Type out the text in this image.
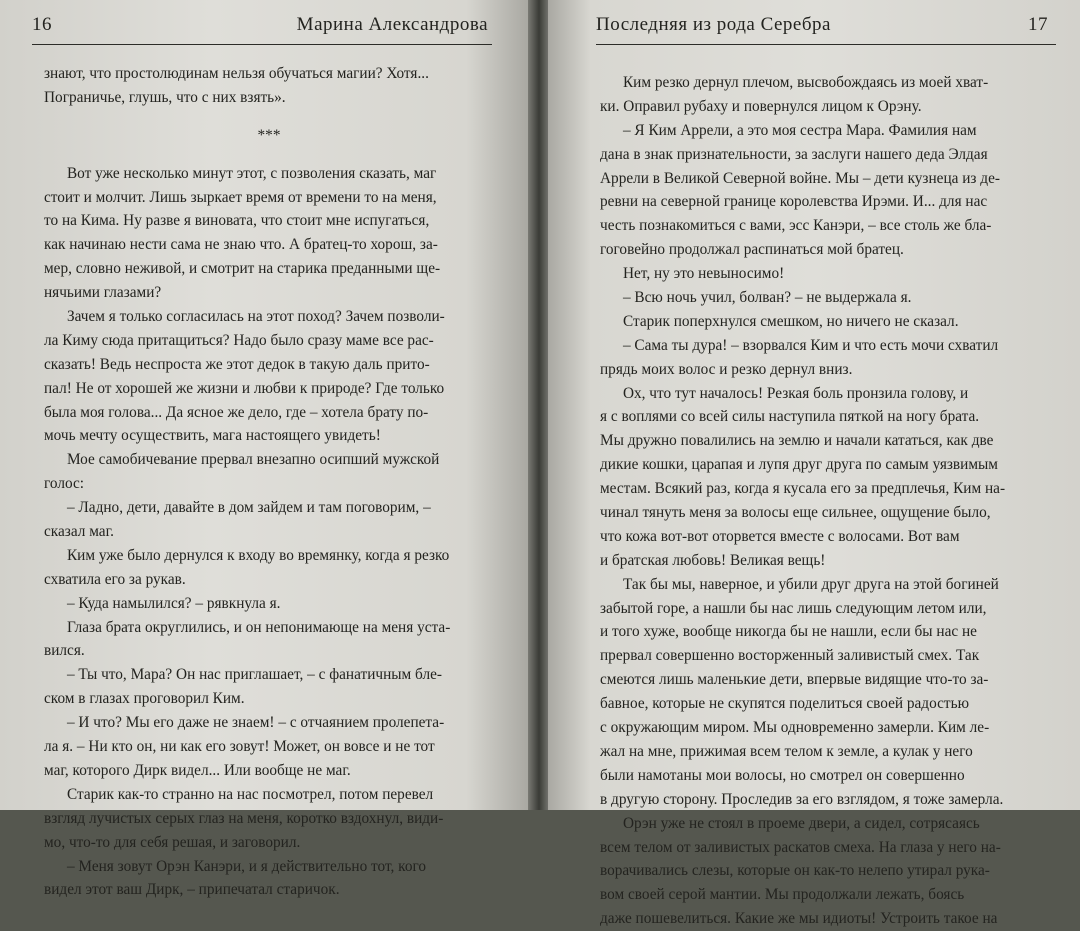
16	Марина Александрова
знают, что простолюдинам нельзя обучаться магии? Хотя...
Пограничье, глушь, что с них взять».
***
  Вот уже несколько минут этот, с позволения сказать, маг
стоит и молчит. Лишь зыркает время от времени то на меня,
то на Кима. Ну разве я виновата, что стоит мне испугаться,
как начинаю нести сама не знаю что. А братец-то хорош, за-
мер, словно неживой, и смотрит на старика преданными ще-
нячьими глазами?
  Зачем я только согласилась на этот поход? Зачем позволи-
ла Киму сюда притащиться? Надо было сразу маме все рас-
сказать! Ведь неспроста же этот дедок в такую даль прито-
пал! Не от хорошей же жизни и любви к природе? Где только
была моя голова... Да ясное же дело, где – хотела брату по-
мочь мечту осуществить, мага настоящего увидеть!
  Мое самобичевание прервал внезапно осипший мужской
голос:
  – Ладно, дети, давайте в дом зайдем и там поговорим, –
сказал маг.
  Ким уже было дернулся к входу во времянку, когда я резко
схватила его за рукав.
  – Куда намылился? – рявкнула я.
  Глаза брата округлились, и он непонимающе на меня уста-
вился.
  – Ты что, Мара? Он нас приглашает, – с фанатичным бле-
ском в глазах проговорил Ким.
  – И что? Мы его даже не знаем! – с отчаянием пролепета-
ла я. – Ни кто он, ни как его зовут! Может, он вовсе и не тот
маг, которого Дирк видел... Или вообще не маг.
  Старик как-то странно на нас посмотрел, потом перевел
взгляд лучистых серых глаз на меня, коротко вздохнул, види-
мо, что-то для себя решая, и заговорил.
  – Меня зовут Орэн Канэри, и я действительно тот, кого
видел этот ваш Дирк, – припечатал старичок.
Последняя из рода Серебра	17
  Ким резко дернул плечом, высвобождаясь из моей хват-
ки. Оправил рубаху и повернулся лицом к Орэну.
  – Я Ким Аррели, а это моя сестра Мара. Фамилия нам
дана в знак признательности, за заслуги нашего деда Элдая
Аррели в Великой Северной войне. Мы – дети кузнеца из де-
ревни на северной границе королевства Ирэми. И... для нас
честь познакомиться с вами, эсс Канэри, – все столь же бла-
гоговейно продолжал распинаться мой братец.
  Нет, ну это невыносимо!
  – Всю ночь учил, болван? – не выдержала я.
  Старик поперхнулся смешком, но ничего не сказал.
  – Сама ты дура! – взорвался Ким и что есть мочи схватил
прядь моих волос и резко дернул вниз.
  Ох, что тут началось! Резкая боль пронзила голову, и
я с воплями со всей силы наступила пяткой на ногу брата.
Мы дружно повалились на землю и начали кататься, как две
дикие кошки, царапая и лупя друг друга по самым уязвимым
местам. Всякий раз, когда я кусала его за предплечья, Ким на-
чинал тянуть меня за волосы еще сильнее, ощущение было,
что кожа вот-вот оторвется вместе с волосами. Вот вам
и братская любовь! Великая вещь!
  Так бы мы, наверное, и убили друг друга на этой богиней
забытой горе, а нашли бы нас лишь следующим летом или,
и того хуже, вообще никогда бы не нашли, если бы нас не
прервал совершенно восторженный заливистый смех. Так
смеются лишь маленькие дети, впервые видящие что-то за-
бавное, которые не скупятся поделиться своей радостью
с окружающим миром. Мы одновременно замерли. Ким ле-
жал на мне, прижимая всем телом к земле, а кулак у него
были намотаны мои волосы, но смотрел он совершенно
в другую сторону. Проследив за его взглядом, я тоже замерла.
  Орэн уже не стоял в проеме двери, а сидел, сотрясаясь
всем телом от заливистых раскатов смеха. На глаза у него на-
ворачивались слезы, которые он как-то нелепо утирал рука-
вом своей серой мантии. Мы продолжали лежать, боясь
даже пошевелиться. Какие же мы идиоты! Устроить такое на
